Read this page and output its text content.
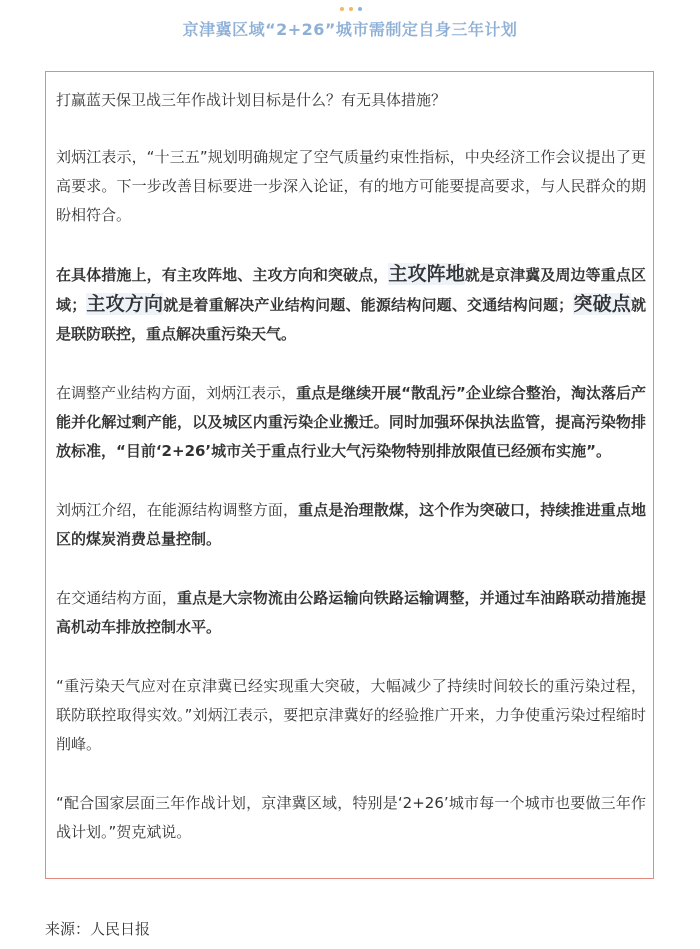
京津冀区域“2+26”城市需制定自身三年计划

打赢蓝天保卫战三年作战计划目标是什么？有无具体措施？

刘炳江表示，“十三五”规划明确规定了空气质量约束性指标，中央经济工作会议提出了更高要求。下一步改善目标要进一步深入论证，有的地方可能要提高要求，与人民群众的期盼相符合。

在具体措施上，有主攻阵地、主攻方向和突破点，主攻阵地就是京津冀及周边等重点区域；主攻方向就是着重解决产业结构问题、能源结构问题、交通结构问题；突破点就是联防联控，重点解决重污染天气。

在调整产业结构方面，刘炳江表示，重点是继续开展“散乱污”企业综合整治，淘汰落后产能并化解过剩产能，以及城区内重污染企业搬迁。同时加强环保执法监管，提高污染物排放标准，“目前‘2+26’城市关于重点行业大气污染物特别排放限值已经颁布实施”。

刘炳江介绍，在能源结构调整方面，重点是治理散煤，这个作为突破口，持续推进重点地区的煤炭消费总量控制。

在交通结构方面，重点是大宗物流由公路运输向铁路运输调整，并通过车油路联动措施提高机动车排放控制水平。

“重污染天气应对在京津冀已经实现重大突破，大幅减少了持续时间较长的重污染过程，联防联控取得实效。”刘炳江表示，要把京津冀好的经验推广开来，力争使重污染过程缩时削峰。

“配合国家层面三年作战计划，京津冀区域，特别是‘2+26’城市每一个城市也要做三年作战计划。”贺克斌说。

来源：人民日报
